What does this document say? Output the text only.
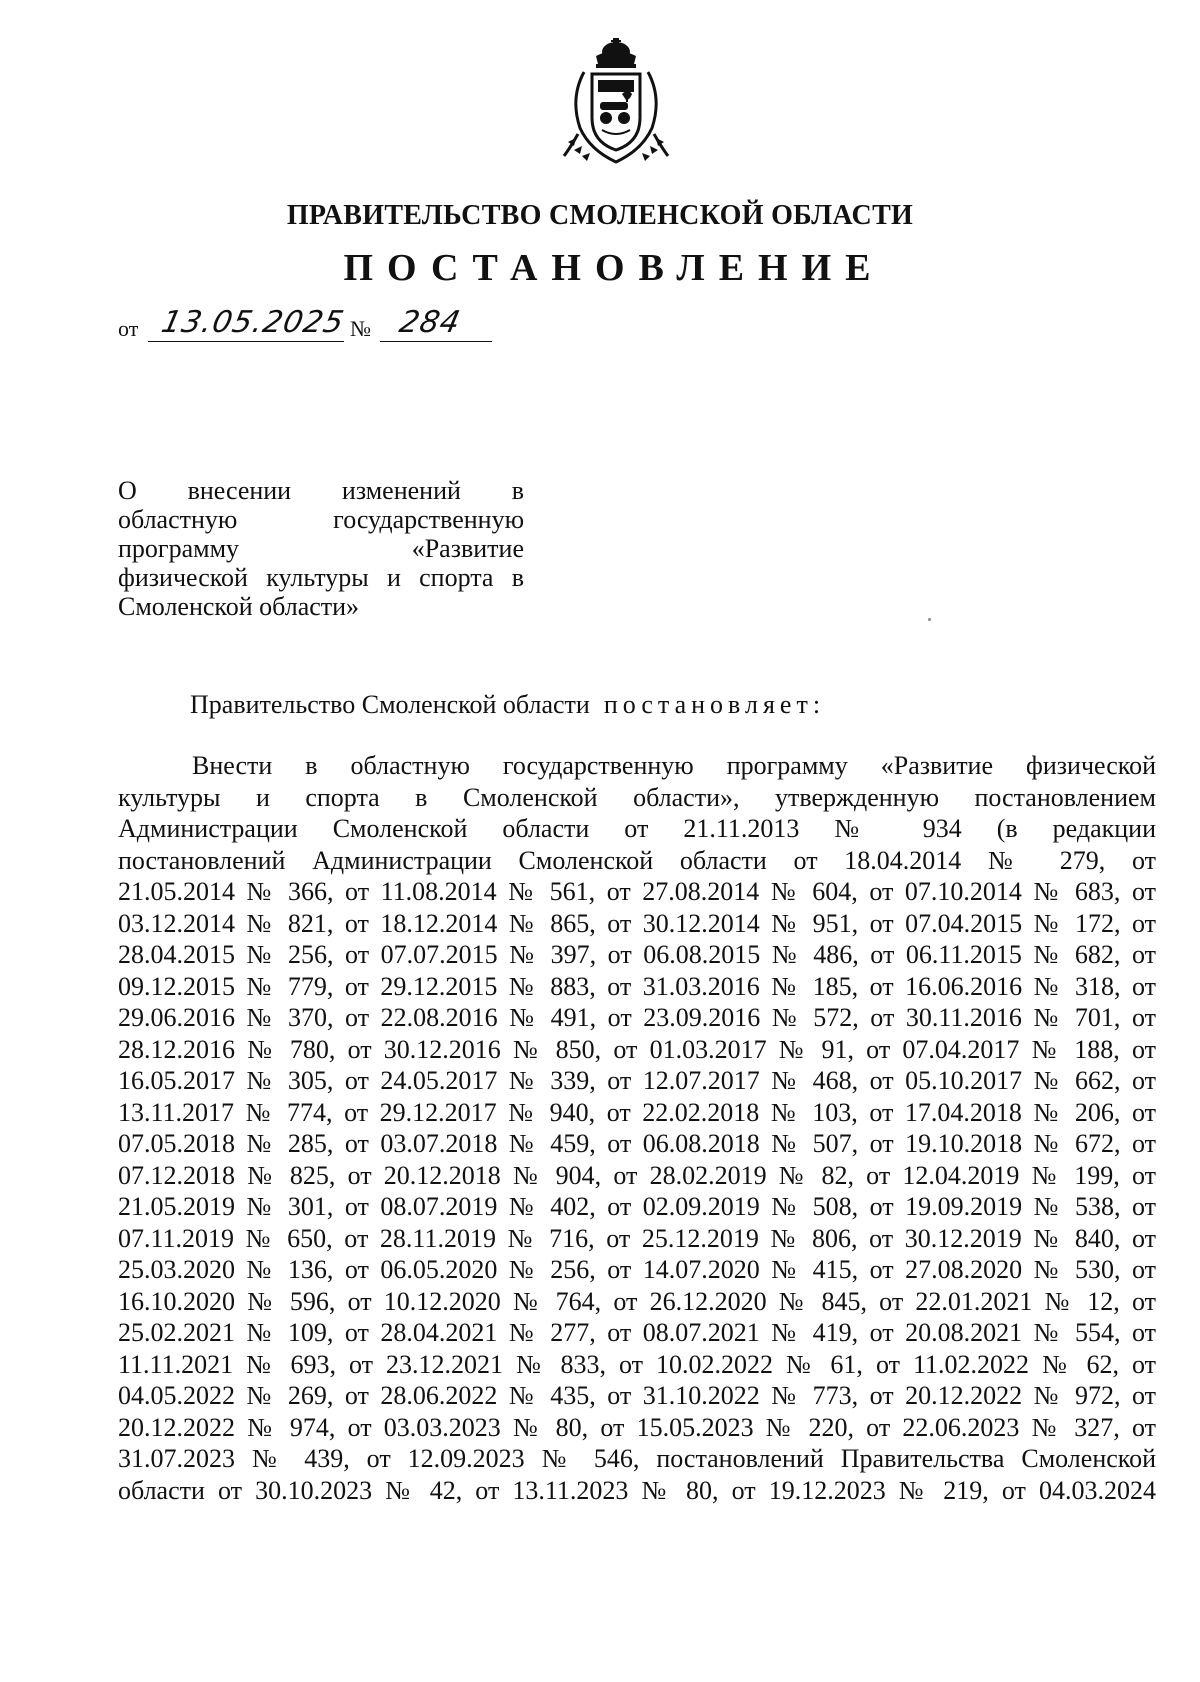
ПРАВИТЕЛЬСТВО СМОЛЕНСКОЙ ОБЛАСТИ
ПОСТАНОВЛЕНИЕ
от 13.05.2025 № 284
О внесении изменений в
областную государственную
программу «Развитие
физической культуры и спорта в
Смоленской области»
Правительство Смоленской области постановляет:
Внести в областную государственную программу «Развитие физической
культуры и спорта в Смоленской области», утвержденную постановлением
Администрации Смоленской области от 21.11.2013 № 934 (в редакции
постановлений Администрации Смоленской области от 18.04.2014 № 279, от
21.05.2014 № 366, от 11.08.2014 № 561, от 27.08.2014 № 604, от 07.10.2014 № 683, от
03.12.2014 № 821, от 18.12.2014 № 865, от 30.12.2014 № 951, от 07.04.2015 № 172, от
28.04.2015 № 256, от 07.07.2015 № 397, от 06.08.2015 № 486, от 06.11.2015 № 682, от
09.12.2015 № 779, от 29.12.2015 № 883, от 31.03.2016 № 185, от 16.06.2016 № 318, от
29.06.2016 № 370, от 22.08.2016 № 491, от 23.09.2016 № 572, от 30.11.2016 № 701, от
28.12.2016 № 780, от 30.12.2016 № 850, от 01.03.2017 № 91, от 07.04.2017 № 188, от
16.05.2017 № 305, от 24.05.2017 № 339, от 12.07.2017 № 468, от 05.10.2017 № 662, от
13.11.2017 № 774, от 29.12.2017 № 940, от 22.02.2018 № 103, от 17.04.2018 № 206, от
07.05.2018 № 285, от 03.07.2018 № 459, от 06.08.2018 № 507, от 19.10.2018 № 672, от
07.12.2018 № 825, от 20.12.2018 № 904, от 28.02.2019 № 82, от 12.04.2019 № 199, от
21.05.2019 № 301, от 08.07.2019 № 402, от 02.09.2019 № 508, от 19.09.2019 № 538, от
07.11.2019 № 650, от 28.11.2019 № 716, от 25.12.2019 № 806, от 30.12.2019 № 840, от
25.03.2020 № 136, от 06.05.2020 № 256, от 14.07.2020 № 415, от 27.08.2020 № 530, от
16.10.2020 № 596, от 10.12.2020 № 764, от 26.12.2020 № 845, от 22.01.2021 № 12, от
25.02.2021 № 109, от 28.04.2021 № 277, от 08.07.2021 № 419, от 20.08.2021 № 554, от
11.11.2021 № 693, от 23.12.2021 № 833, от 10.02.2022 № 61, от 11.02.2022 № 62, от
04.05.2022 № 269, от 28.06.2022 № 435, от 31.10.2022 № 773, от 20.12.2022 № 972, от
20.12.2022 № 974, от 03.03.2023 № 80, от 15.05.2023 № 220, от 22.06.2023 № 327, от
31.07.2023 № 439, от 12.09.2023 № 546, постановлений Правительства Смоленской
области от 30.10.2023 № 42, от 13.11.2023 № 80, от 19.12.2023 № 219, от 04.03.2024
